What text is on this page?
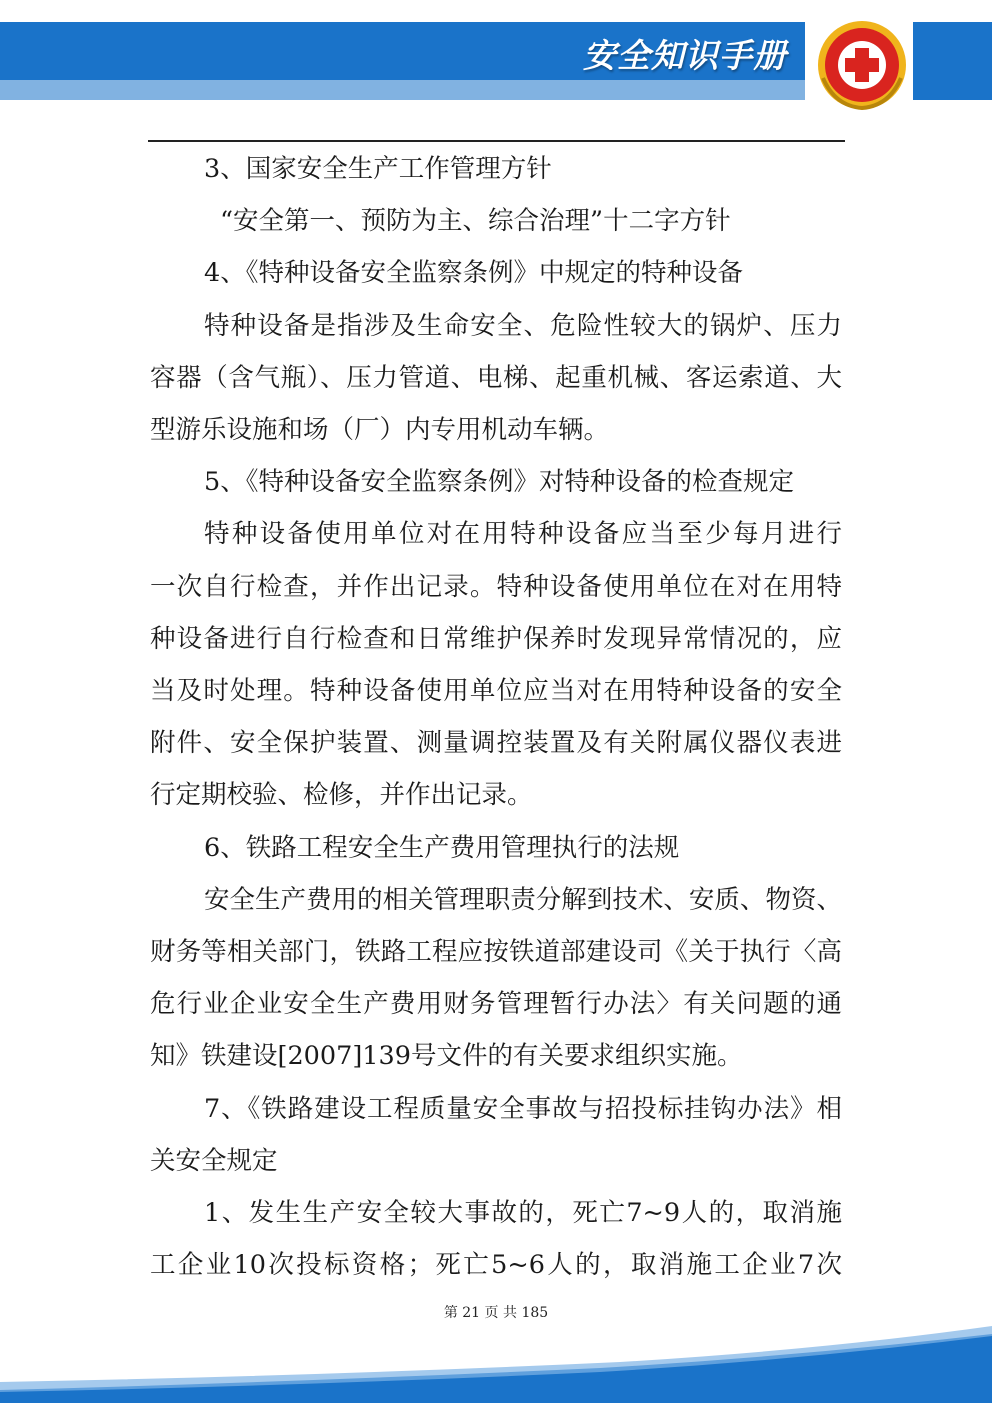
安全知识手册

3、国家安全生产工作管理方针

“安全第一、预防为主、综合治理”十二字方针

4、《特种设备安全监察条例》中规定的特种设备

特种设备是指涉及生命安全、危险性较大的锅炉、压力

容器（含气瓶）、压力管道、电梯、起重机械、客运索道、大

型游乐设施和场（厂）内专用机动车辆。

5、《特种设备安全监察条例》对特种设备的检查规定

特种设备使用单位对在用特种设备应当至少每月进行

一次自行检查，并作出记录。特种设备使用单位在对在用特

种设备进行自行检查和日常维护保养时发现异常情况的，应

当及时处理。特种设备使用单位应当对在用特种设备的安全

附件、安全保护装置、测量调控装置及有关附属仪器仪表进

行定期校验、检修，并作出记录。

6、铁路工程安全生产费用管理执行的法规

安全生产费用的相关管理职责分解到技术、安质、物资、

财务等相关部门，铁路工程应按铁道部建设司《关于执行〈高

危行业企业安全生产费用财务管理暂行办法〉有关问题的通

知》铁建设[2007]139号文件的有关要求组织实施。

7、《铁路建设工程质量安全事故与招投标挂钩办法》相

关安全规定

1、发生生产安全较大事故的，死亡7~9人的，取消施

工企业10次投标资格；死亡5~6人的，取消施工企业7次

第 21 页 共 185
